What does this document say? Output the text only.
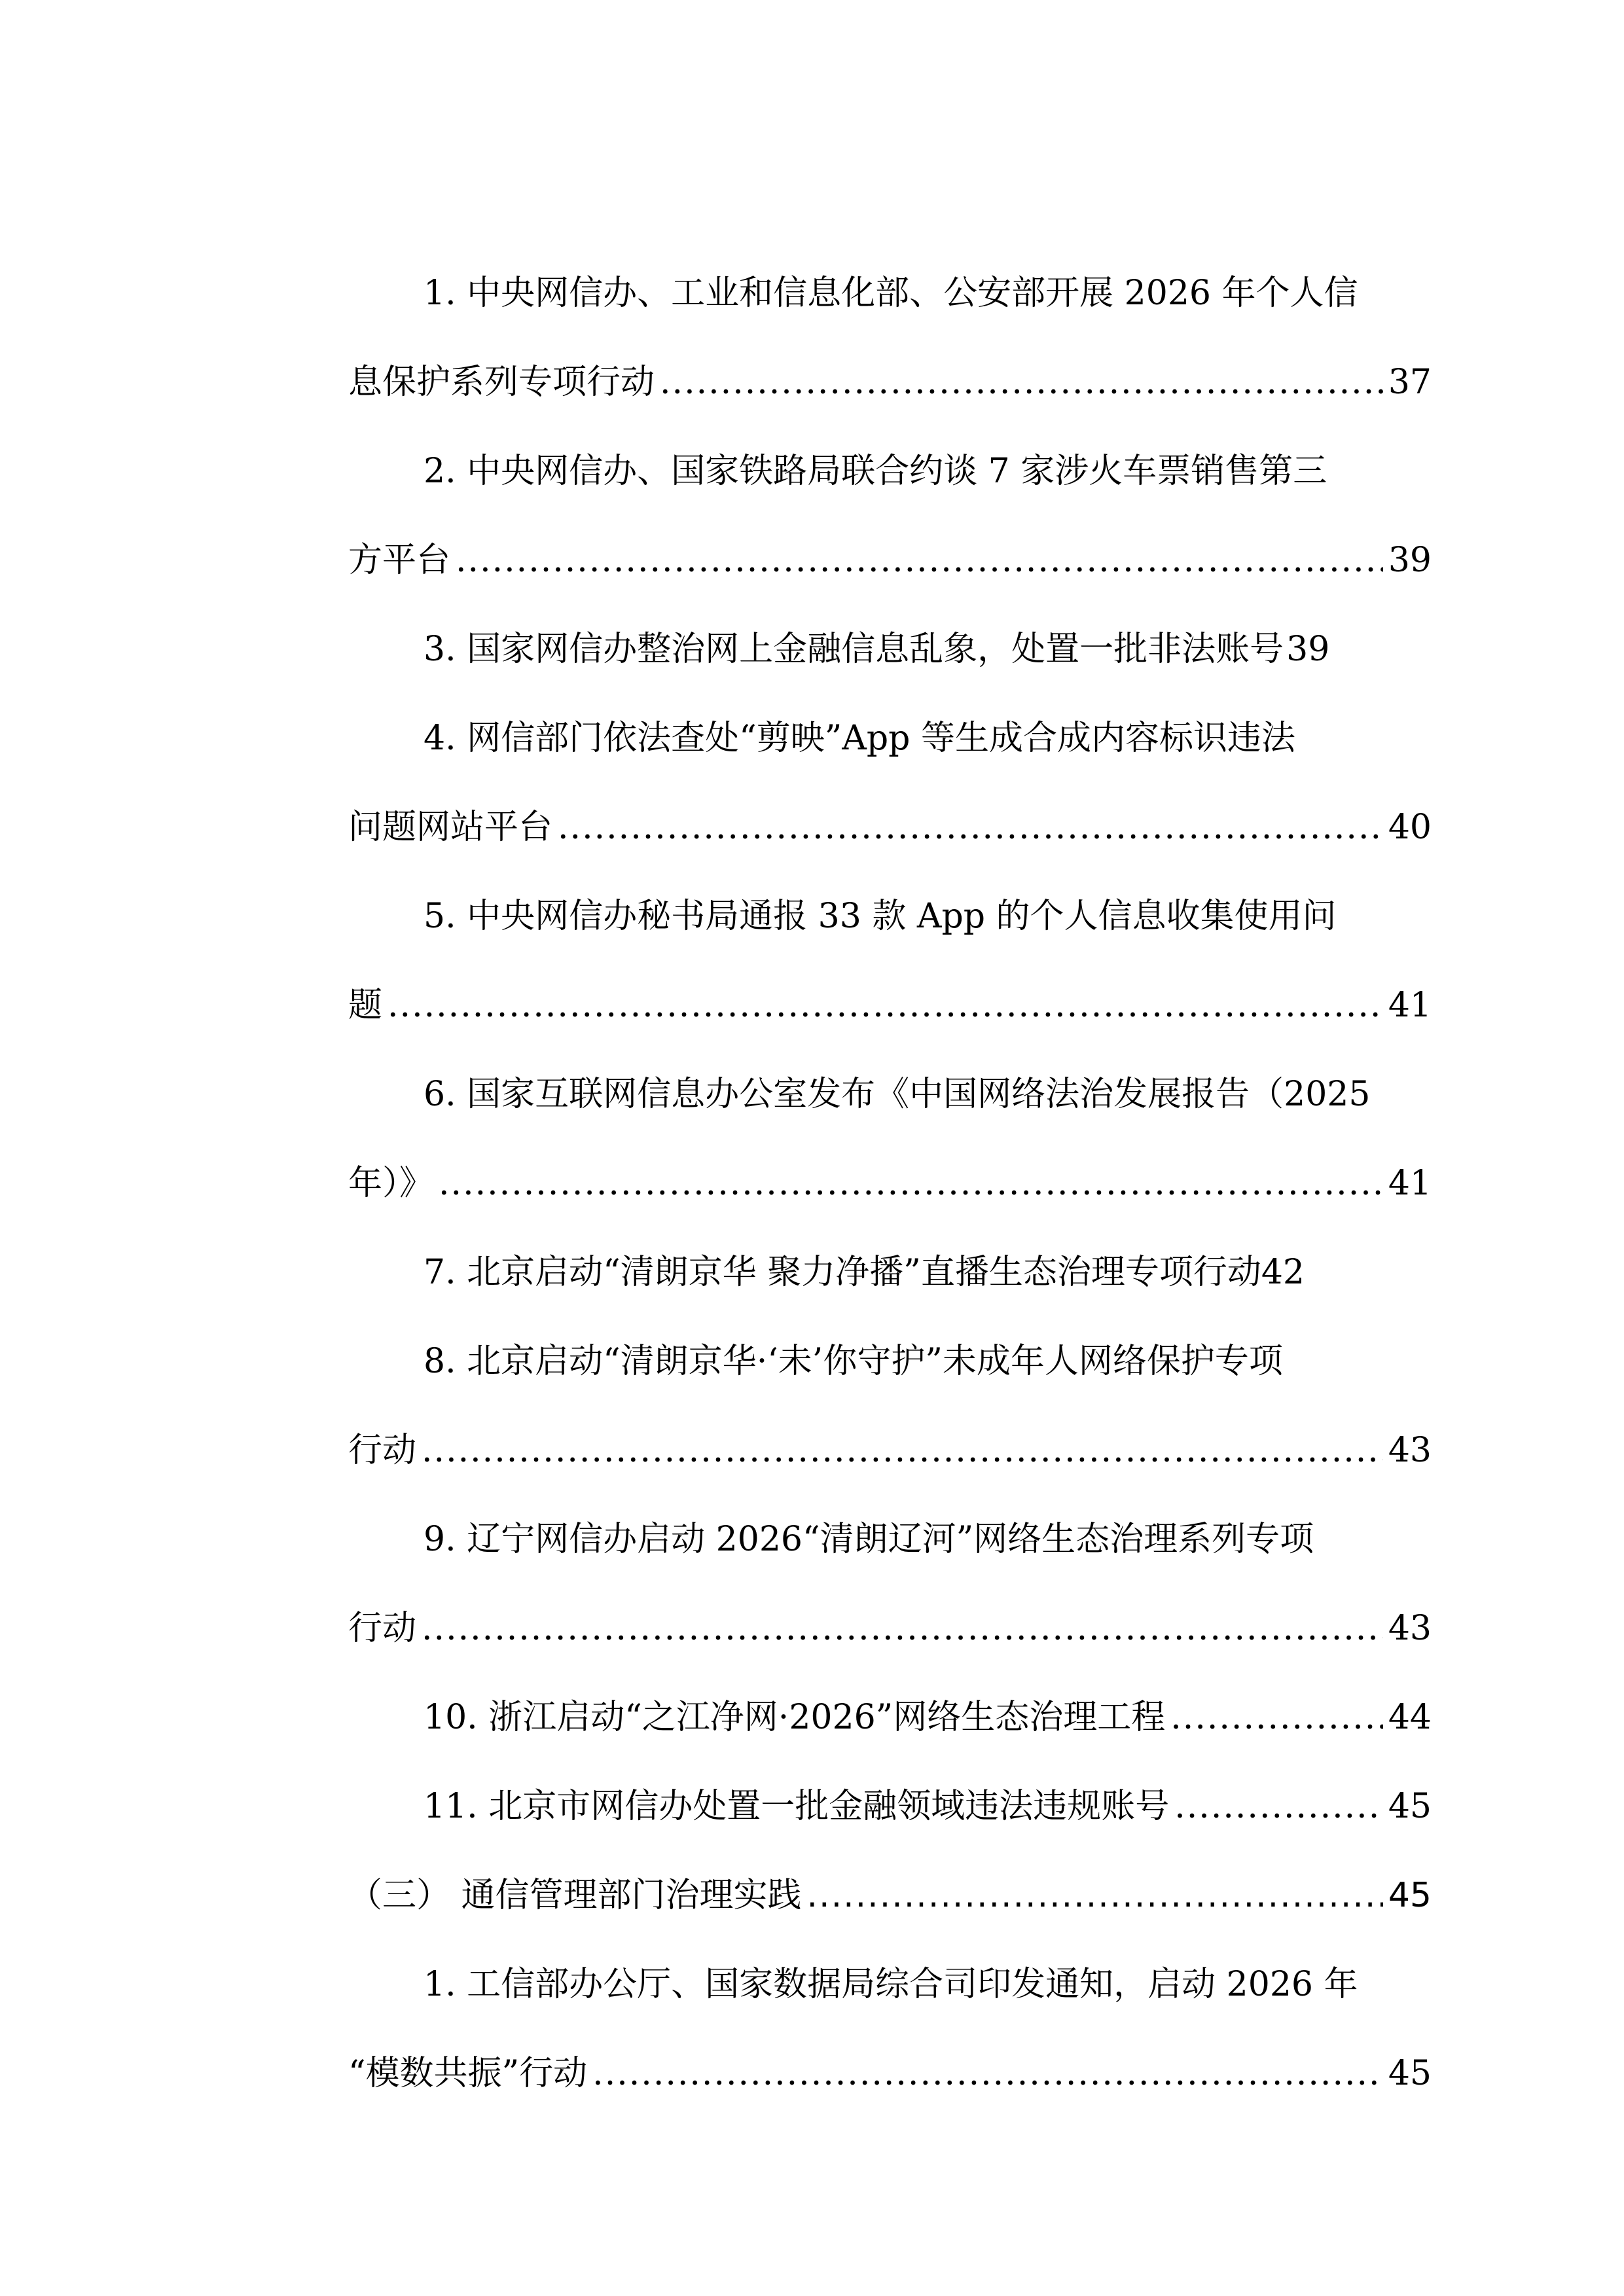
1. 中央网信办、工业和信息化部、公安部开展 2026 年个人信
息保护系列专项行动 .....	37
2. 中央网信办、国家铁路局联合约谈 7 家涉火车票销售第三
方平台 .....	39
3. 国家网信办整治网上金融信息乱象，处置一批非法账号39
4. 网信部门依法查处“剪映”App 等生成合成内容标识违法
问题网站平台 .....	40
5. 中央网信办秘书局通报 33 款 App 的个人信息收集使用问
题 .....	41
6. 国家互联网信息办公室发布《中国网络法治发展报告（2025
年）》 .....	41
7. 北京启动“清朗京华 聚力净播”直播生态治理专项行动42
8. 北京启动“清朗京华·‘未’你守护”未成年人网络保护专项
行动 .....	43
9. 辽宁网信办启动 2026“清朗辽河”网络生态治理系列专项
行动 .....	43
10. 浙江启动“之江净网·2026”网络生态治理工程 .....	44
11. 北京市网信办处置一批金融领域违法违规账号 .....	45
（三） 通信管理部门治理实践 .....	45
1. 工信部办公厅、国家数据局综合司印发通知，启动 2026 年
“模数共振”行动 .....	45
